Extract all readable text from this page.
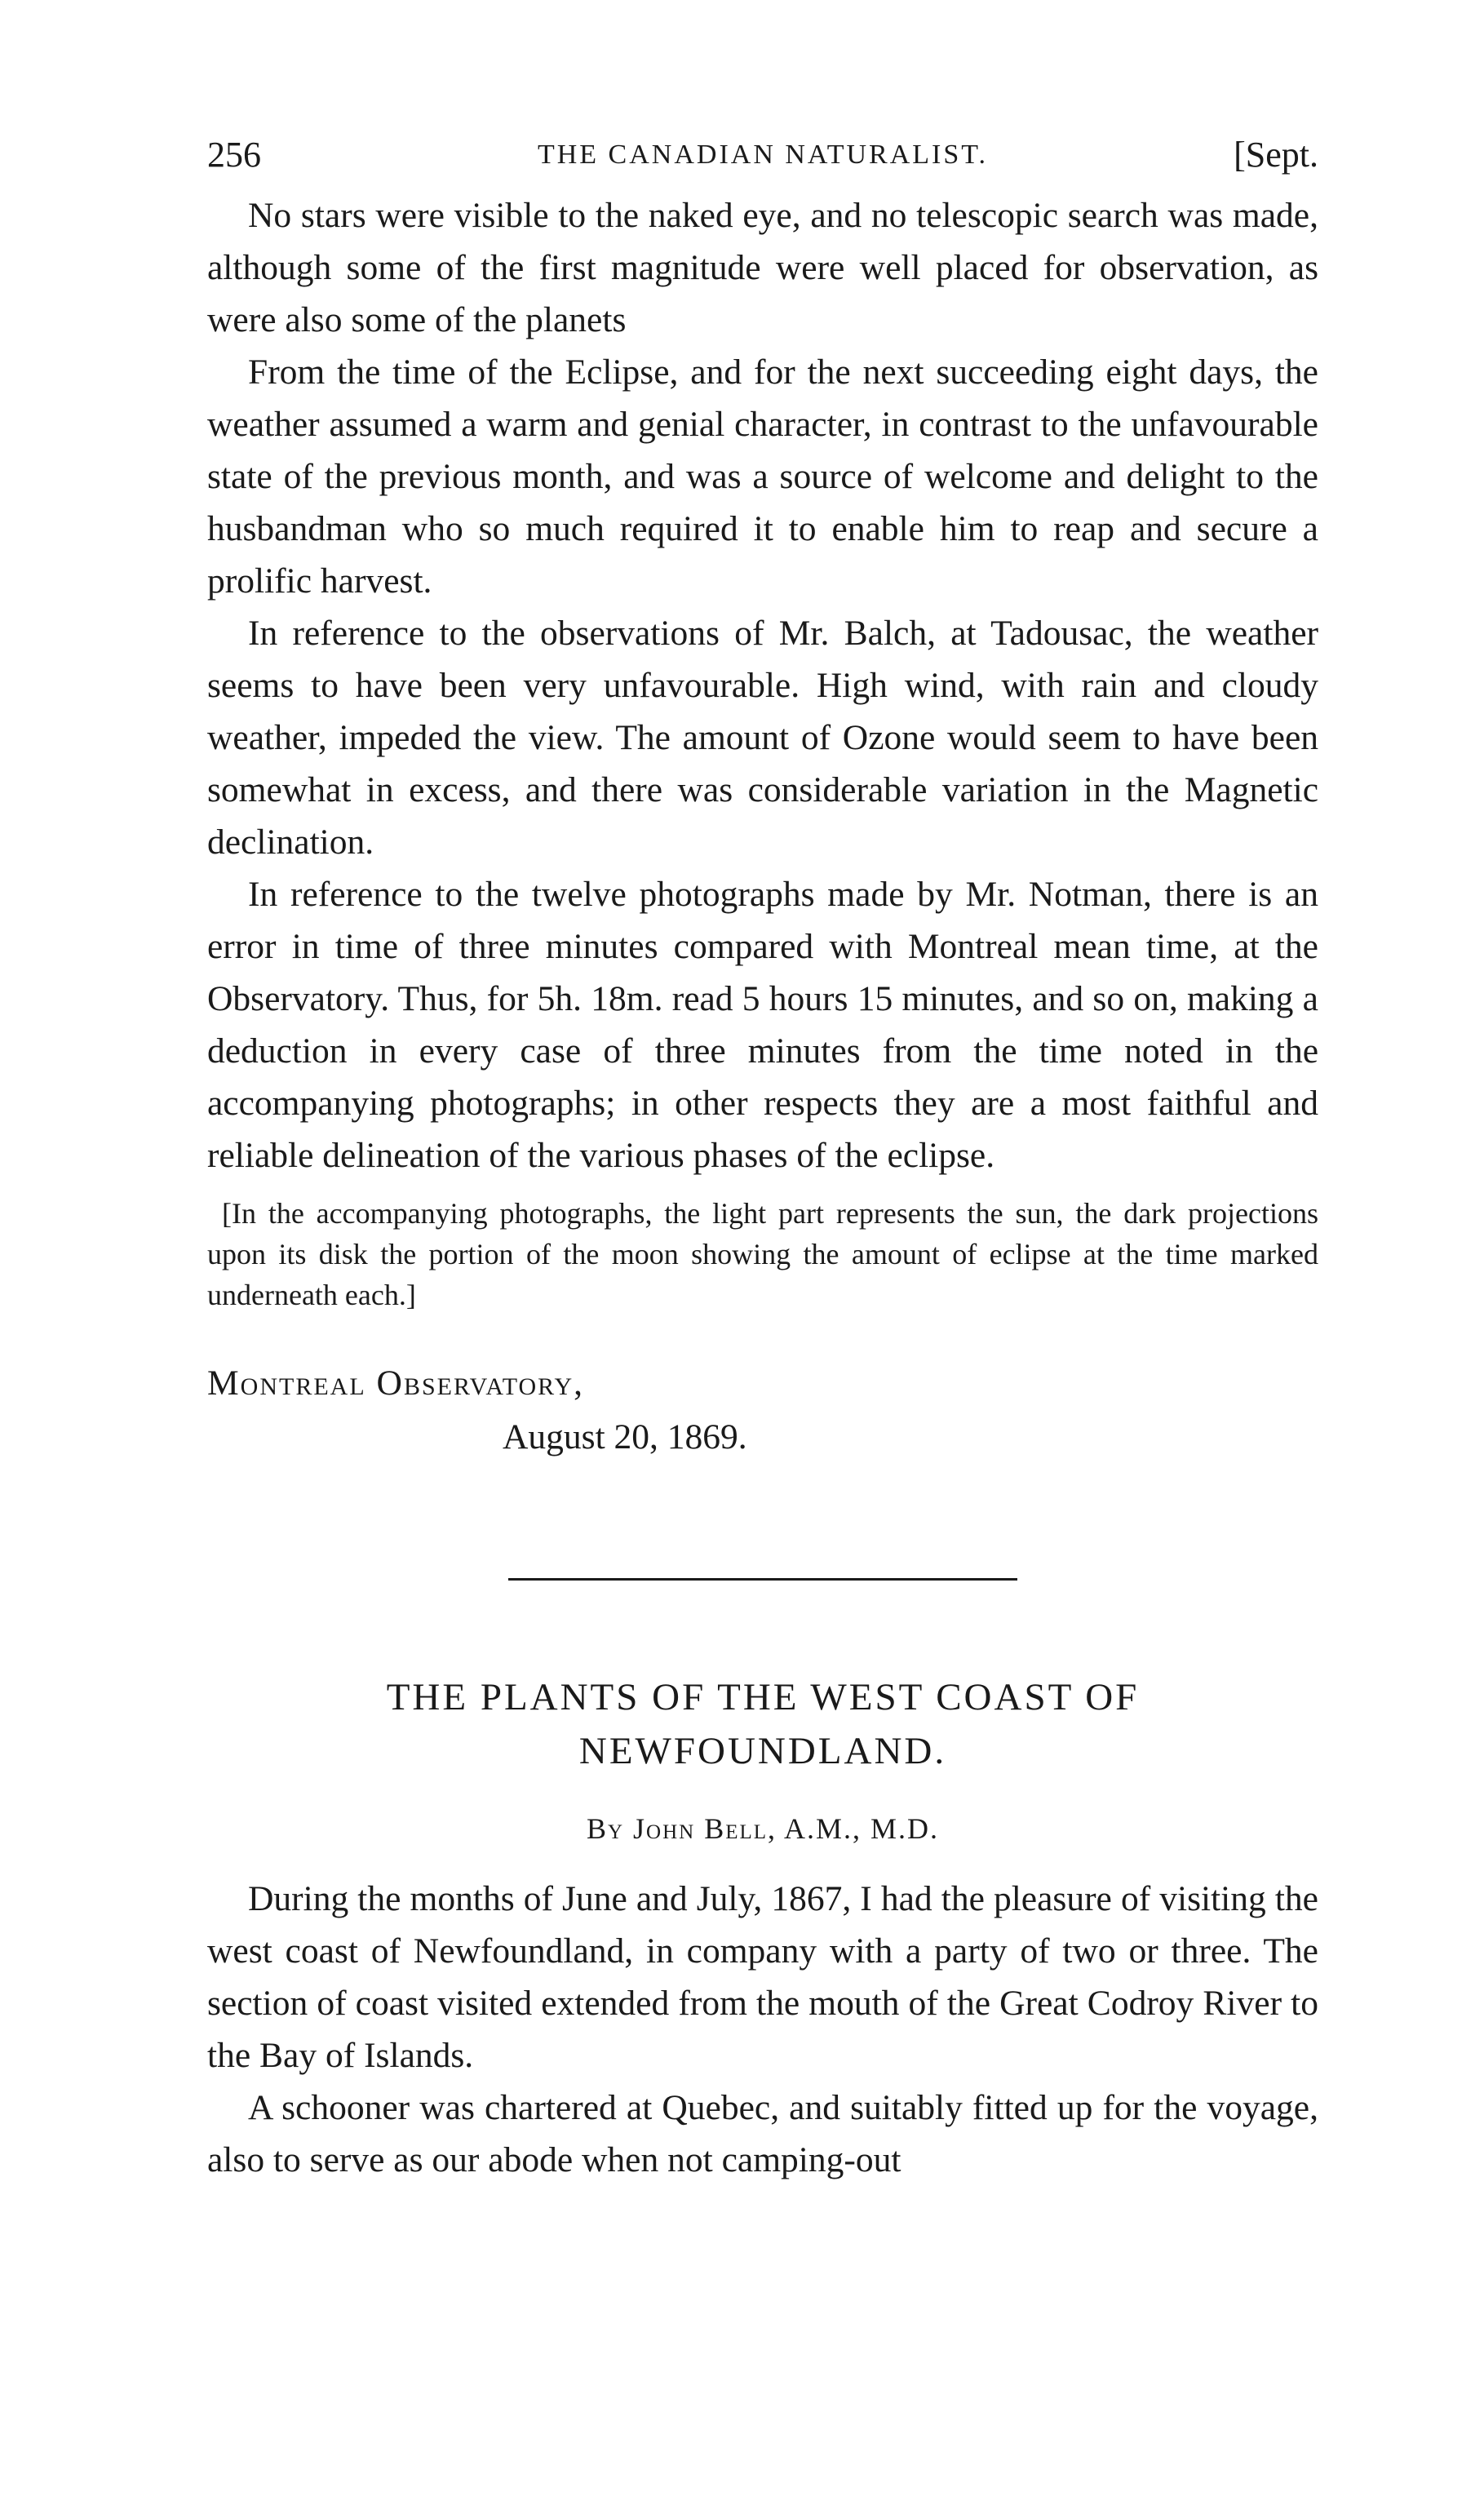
256	THE CANADIAN NATURALIST.	[Sept.

No stars were visible to the naked eye, and no telescopic search was made, although some of the first magnitude were well placed for observation, as were also some of the planets

From the time of the Eclipse, and for the next succeeding eight days, the weather assumed a warm and genial character, in contrast to the unfavourable state of the previous month, and was a source of welcome and delight to the husbandman who so much required it to enable him to reap and secure a prolific harvest.

In reference to the observations of Mr. Balch, at Tadousac, the weather seems to have been very unfavourable. High wind, with rain and cloudy weather, impeded the view. The amount of Ozone would seem to have been somewhat in excess, and there was considerable variation in the Magnetic declination.

In reference to the twelve photographs made by Mr. Notman, there is an error in time of three minutes compared with Montreal mean time, at the Observatory. Thus, for 5h. 18m. read 5 hours 15 minutes, and so on, making a deduction in every case of three minutes from the time noted in the accompanying photographs; in other respects they are a most faithful and reliable delineation of the various phases of the eclipse.

[In the accompanying photographs, the light part represents the sun, the dark projections upon its disk the portion of the moon showing the amount of eclipse at the time marked underneath each.]

Montreal Observatory,
August 20, 1869.
THE PLANTS OF THE WEST COAST OF
NEWFOUNDLAND.
By John Bell, A.M., M.D.

During the months of June and July, 1867, I had the pleasure of visiting the west coast of Newfoundland, in company with a party of two or three. The section of coast visited extended from the mouth of the Great Codroy River to the Bay of Islands.

A schooner was chartered at Quebec, and suitably fitted up for the voyage, also to serve as our abode when not camping-out
